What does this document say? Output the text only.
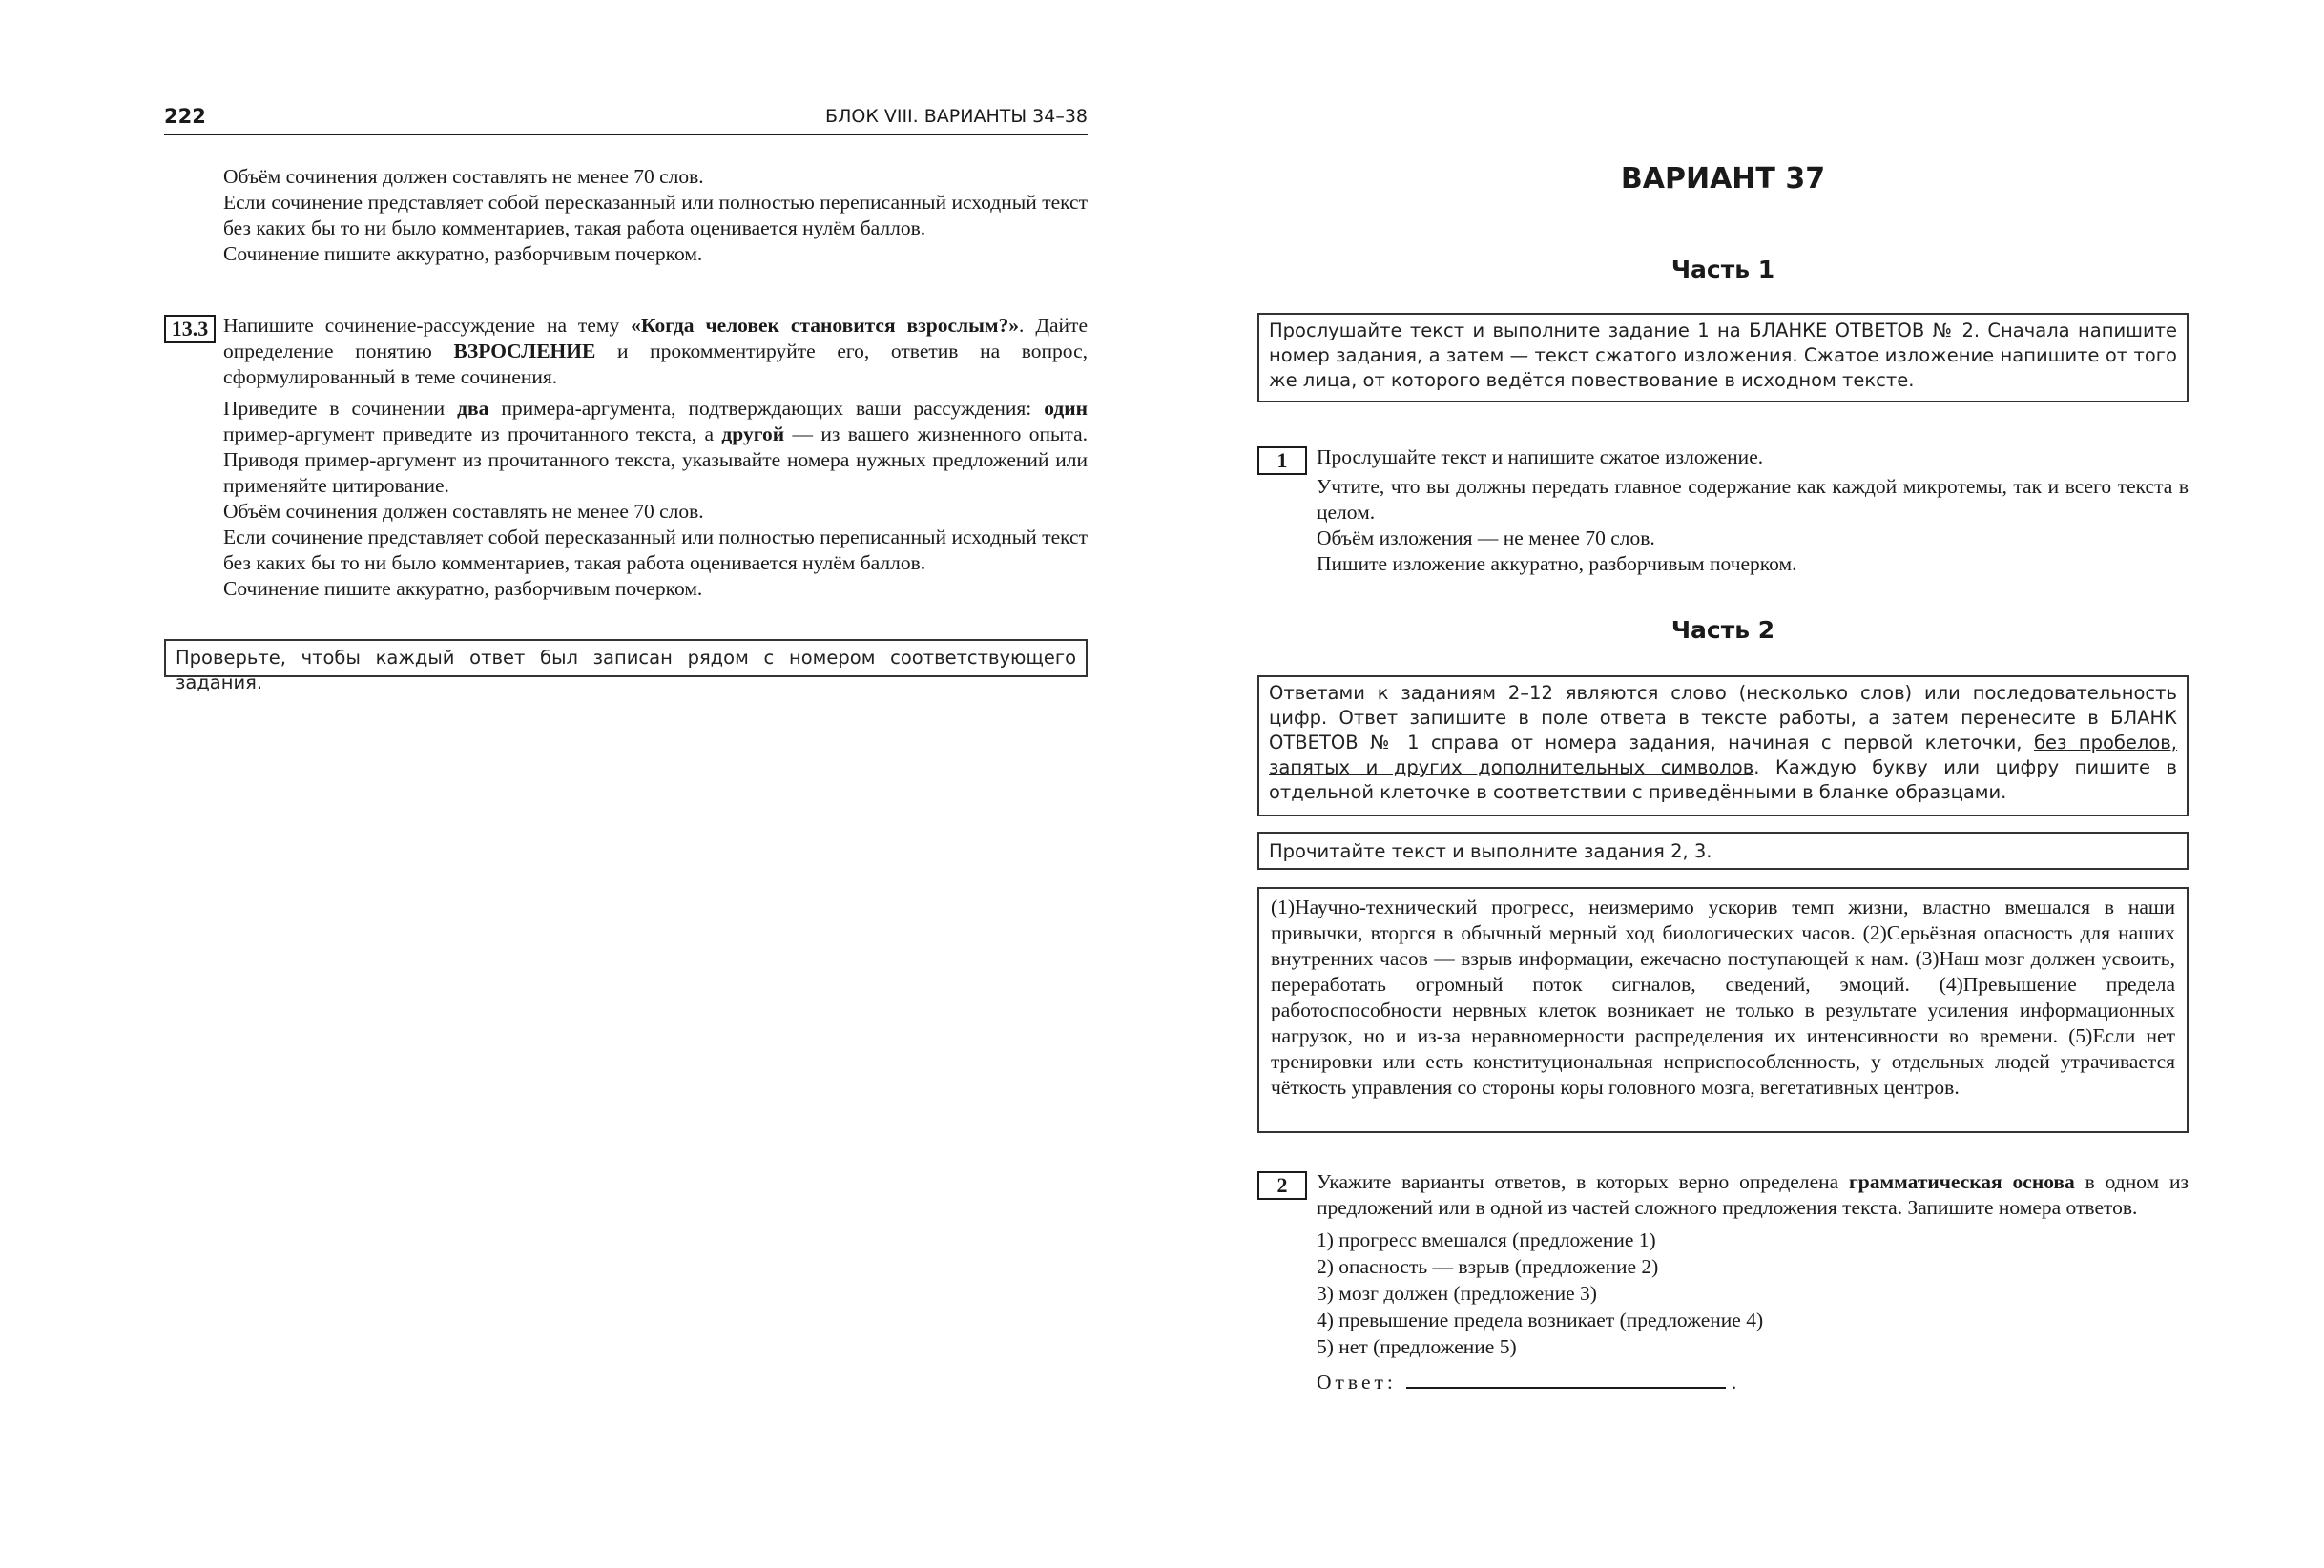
222	БЛОК VIII. ВАРИАНТЫ 34–38
Объём сочинения должен составлять не менее 70 слов.
Если сочинение представляет собой пересказанный или полностью переписанный исходный текст без каких бы то ни было комментариев, такая работа оценивается нулём баллов.
Сочинение пишите аккуратно, разборчивым почерком.
13.3 Напишите сочинение-рассуждение на тему «Когда человек становится взрослым?». Дайте определение понятию ВЗРОСЛЕНИЕ и прокомментируйте его, ответив на вопрос, сформулированный в теме сочинения.

Приведите в сочинении два примера-аргумента, подтверждающих ваши рассуждения: один пример-аргумент приведите из прочитанного текста, а другой — из вашего жизненного опыта. Приводя пример-аргумент из прочитанного текста, указывайте номера нужных предложений или применяйте цитирование.

Объём сочинения должен составлять не менее 70 слов.

Если сочинение представляет собой пересказанный или полностью переписанный исходный текст без каких бы то ни было комментариев, такая работа оценивается нулём баллов.

Сочинение пишите аккуратно, разборчивым почерком.

Проверьте, чтобы каждый ответ был записан рядом с номером соответствующего задания.
ВАРИАНТ 37
Часть 1
Прослушайте текст и выполните задание 1 на БЛАНКЕ ОТВЕТОВ № 2. Сначала напишите номер задания, а затем — текст сжатого изложения. Сжатое изложение напишите от того же лица, от которого ведётся повествование в исходном тексте.
1	Прослушайте текст и напишите сжатое изложение.

Учтите, что вы должны передать главное содержание как каждой микротемы, так и всего текста в целом.
Объём изложения — не менее 70 слов.
Пишите изложение аккуратно, разборчивым почерком.

Часть 2
Ответами к заданиям 2–12 являются слово (несколько слов) или последовательность цифр. Ответ запишите в поле ответа в тексте работы, а затем перенесите в БЛАНК ОТВЕТОВ № 1 справа от номера задания, начиная с первой клеточки, без пробелов, запятых и других дополнительных символов. Каждую букву или цифру пишите в отдельной клеточке в соответствии с приведёнными в бланке образцами.
Прочитайте текст и выполните задания 2, 3.
(1)Научно-технический прогресс, неизмеримо ускорив темп жизни, властно вмешался в наши привычки, вторгся в обычный мерный ход биологических часов. (2)Серьёзная опасность для наших внутренних часов — взрыв информации, ежечасно поступающей к нам. (3)Наш мозг должен усвоить, переработать огромный поток сигналов, сведений, эмоций. (4)Превышение предела работоспособности нервных клеток возникает не только в результате усиления информационных нагрузок, но и из-за неравномерности распределения их интенсивности во времени. (5)Если нет тренировки или есть конституциональная неприспособленность, у отдельных людей утрачивается чёткость управления со стороны коры головного мозга, вегетативных центров.
2	Укажите варианты ответов, в которых верно определена грамматическая основа в одном из предложений или в одной из частей сложного предложения текста. Запишите номера ответов.

1) прогресс вмешался (предложение 1)
2) опасность — взрыв (предложение 2)
3) мозг должен (предложение 3)
4) превышение предела возникает (предложение 4)
5) нет (предложение 5)

Ответ:	.
